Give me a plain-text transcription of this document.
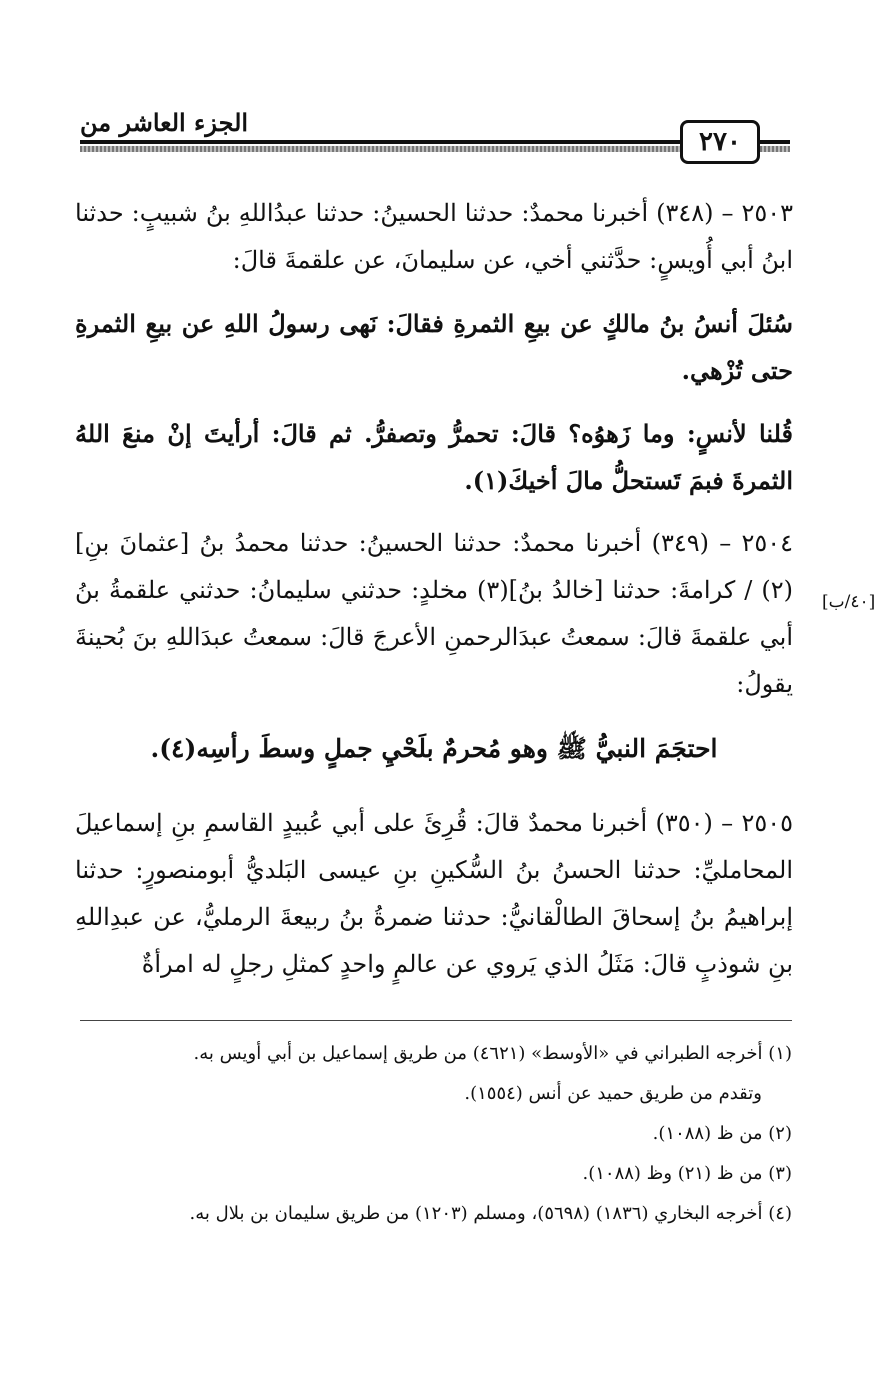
الجزء العاشر من
٢٧٠

٢٥٠٣ – (٣٤٨) أخبرنا محمدٌ: حدثنا الحسينُ: حدثنا عبدُاللهِ بنُ شبيبٍ: حدثنا ابنُ أبي أُويسٍ: حدَّثني أخي، عن سليمانَ، عن علقمةَ قالَ:

سُئلَ أنسُ بنُ مالكٍ عن بيعِ الثمرةِ فقالَ: نَهى رسولُ اللهِ عن بيعِ الثمرةِ حتى تُزْهي.

قُلنا لأنسٍ: وما زَهوُه؟ قالَ: تحمرُّ وتصفرُّ. ثم قالَ: أرأيتَ إنْ منعَ اللهُ الثمرةَ فبمَ تَستحلُّ مالَ أخيكَ(١).

٢٥٠٤ – (٣٤٩) أخبرنا محمدٌ: حدثنا الحسينُ: حدثنا محمدُ بنُ [عثمانَ بنِ](٢) / كرامةَ: حدثنا [خالدُ بنُ](٣) مخلدٍ: حدثني سليمانُ: حدثني علقمةُ بنُ أبي علقمةَ قالَ: سمعتُ عبدَالرحمنِ الأعرجَ قالَ: سمعتُ عبدَاللهِ بنَ بُحينةَ يقولُ:

[٤٠/ب]

احتجَمَ النبيُّ ﷺ وهو مُحرمٌ بلَحْيِ جملٍ وسطَ رأسِه(٤).

٢٥٠٥ – (٣٥٠) أخبرنا محمدٌ قالَ: قُرِئَ على أبي عُبيدٍ القاسمِ بنِ إسماعيلَ المحامليِّ: حدثنا الحسنُ بنُ السُّكينِ بنِ عيسى البَلديُّ أبومنصورٍ: حدثنا إبراهيمُ بنُ إسحاقَ الطالْقانيُّ: حدثنا ضمرةُ بنُ ربيعةَ الرمليُّ، عن عبدِاللهِ بنِ شوذبٍ قالَ: مَثَلُ الذي يَروي عن عالمٍ واحدٍ كمثلِ رجلٍ له امرأةٌ

(١) أخرجه الطبراني في «الأوسط» (٤٦٢١) من طريق إسماعيل بن أبي أويس به.

وتقدم من طريق حميد عن أنس (١٥٥٤).

(٢) من ظ (١٠٨٨).

(٣) من ظ (٢١) وظ (١٠٨٨).

(٤) أخرجه البخاري (١٨٣٦) (٥٦٩٨)، ومسلم (١٢٠٣) من طريق سليمان بن بلال به.
